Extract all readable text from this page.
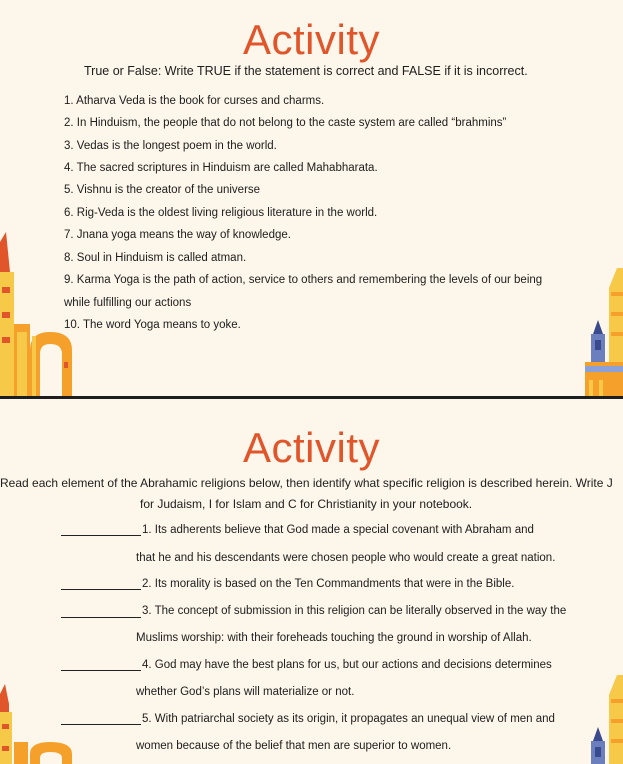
Activity
True or False: Write TRUE if the statement is correct and FALSE if it is incorrect.
1. Atharva Veda is the book for curses and charms.
2. In Hinduism, the people that do not belong to the caste system are called “brahmins”
3. Vedas is the longest poem in the world.
4. The sacred scriptures in Hinduism are called Mahabharata.
5. Vishnu is the creator of the universe
6. Rig-Veda is the oldest living religious literature in the world.
7. Jnana yoga means the way of knowledge.
8. Soul in Hinduism is called atman.
9. Karma Yoga is the path of action, service to others and remembering the levels of our being
while fulfilling our actions
10. The word Yoga means to yoke.
Activity
Read each element of the Abrahamic religions below, then identify what specific religion is described herein. Write J
for Judaism, I for Islam and C for Christianity in your notebook.
1. Its adherents believe that God made a special covenant with Abraham and
that he and his descendants were chosen people who would create a great nation.
2. Its morality is based on the Ten Commandments that were in the Bible.
3. The concept of submission in this religion can be literally observed in the way the
Muslims worship: with their foreheads touching the ground in worship of Allah.
4. God may have the best plans for us, but our actions and decisions determines
whether God’s plans will materialize or not.
5. With patriarchal society as its origin, it propagates an unequal view of men and
women because of the belief that men are superior to women.
